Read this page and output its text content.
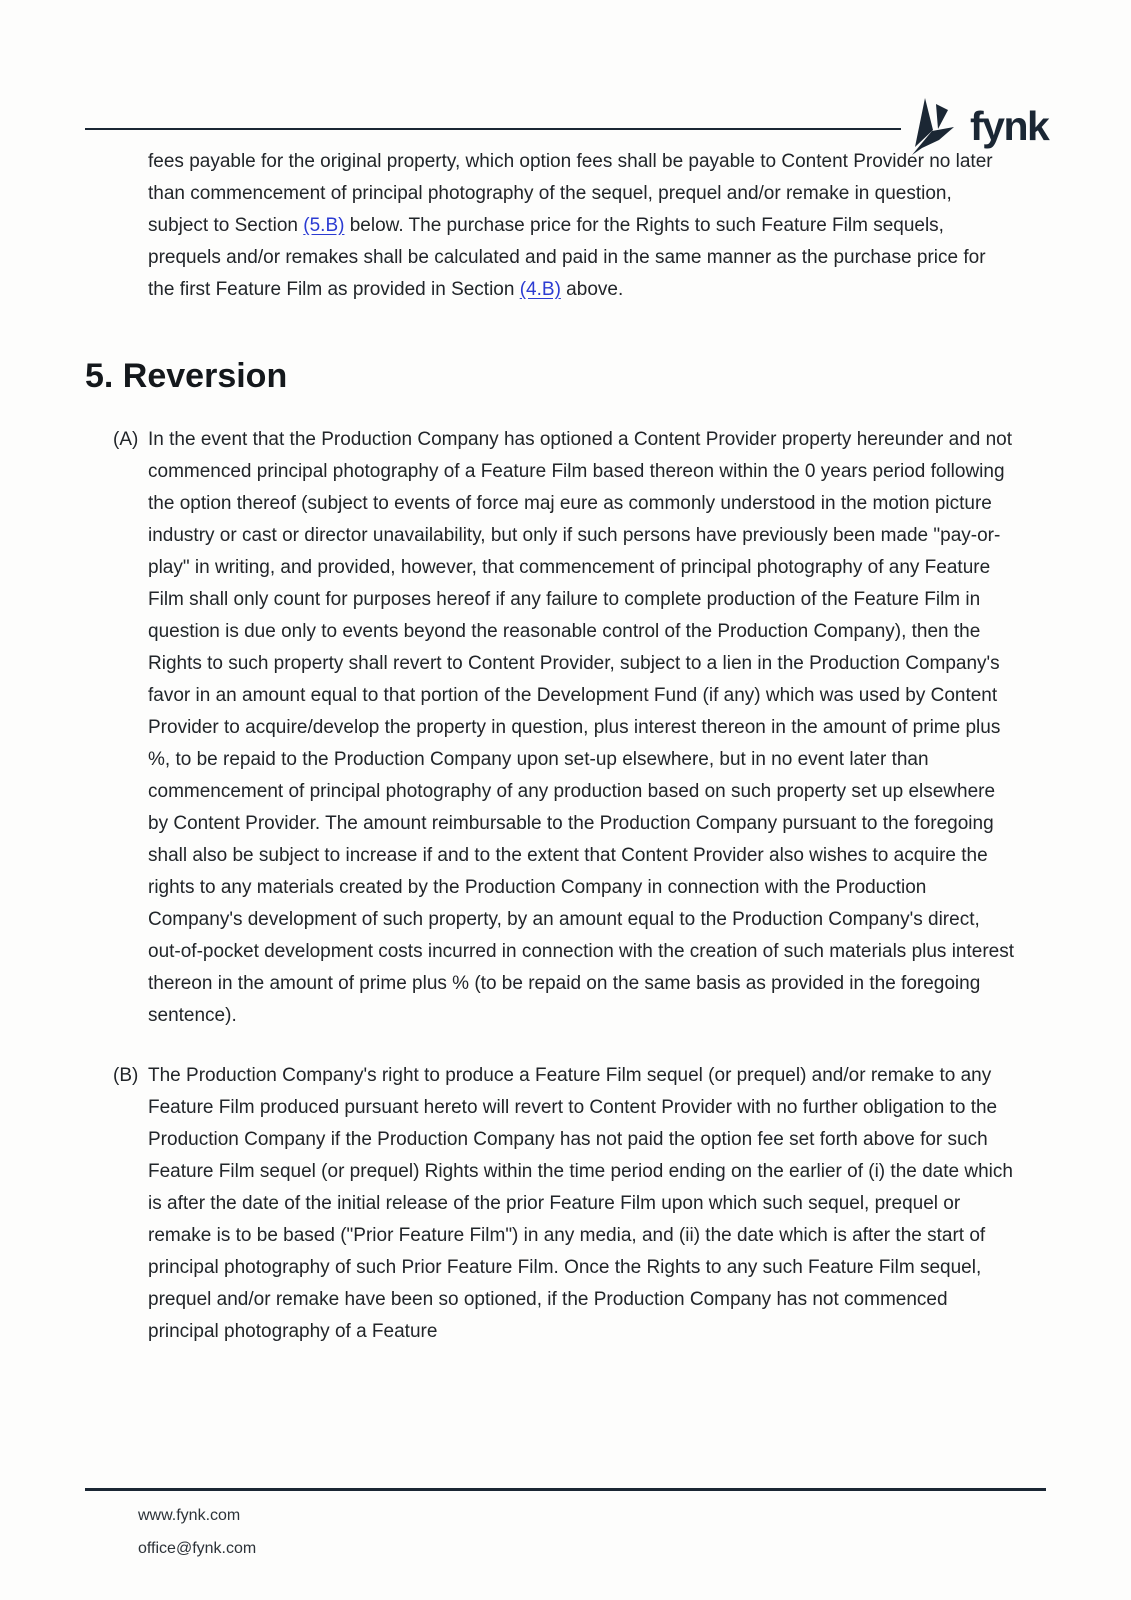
fynk

fees payable for the original property, which option fees shall be payable to Content Provider no later than commencement of principal photography of the sequel, prequel and/or remake in question, subject to Section (5.B) below. The purchase price for the Rights to such Feature Film sequels, prequels and/or remakes shall be calculated and paid in the same manner as the purchase price for the first Feature Film as provided in Section (4.B) above.

5. Reversion
(A) In the event that the Production Company has optioned a Content Provider property hereunder and not commenced principal photography of a Feature Film based thereon within the 0 years period following the option thereof (subject to events of force maj eure as commonly understood in the motion picture industry or cast or director unavailability, but only if such persons have previously been made "pay-or-play" in writing, and provided, however, that commencement of principal photography of any Feature Film shall only count for purposes hereof if any failure to complete production of the Feature Film in question is due only to events beyond the reasonable control of the Production Company), then the Rights to such property shall revert to Content Provider, subject to a lien in the Production Company's favor in an amount equal to that portion of the Development Fund (if any) which was used by Content Provider to acquire/develop the property in question, plus interest thereon in the amount of prime plus %, to be repaid to the Production Company upon set-up elsewhere, but in no event later than commencement of principal photography of any production based on such property set up elsewhere by Content Provider. The amount reimbursable to the Production Company pursuant to the foregoing shall also be subject to increase if and to the extent that Content Provider also wishes to acquire the rights to any materials created by the Production Company in connection with the Production Company's development of such property, by an amount equal to the Production Company's direct, out-of-pocket development costs incurred in connection with the creation of such materials plus interest thereon in the amount of prime plus % (to be repaid on the same basis as provided in the foregoing sentence).
(B) The Production Company's right to produce a Feature Film sequel (or prequel) and/or remake to any Feature Film produced pursuant hereto will revert to Content Provider with no further obligation to the Production Company if the Production Company has not paid the option fee set forth above for such Feature Film sequel (or prequel) Rights within the time period ending on the earlier of (i) the date which is after the date of the initial release of the prior Feature Film upon which such sequel, prequel or remake is to be based ("Prior Feature Film") in any media, and (ii) the date which is after the start of principal photography of such Prior Feature Film. Once the Rights to any such Feature Film sequel, prequel and/or remake have been so optioned, if the Production Company has not commenced principal photography of a Feature
www.fynk.com
office@fynk.com
